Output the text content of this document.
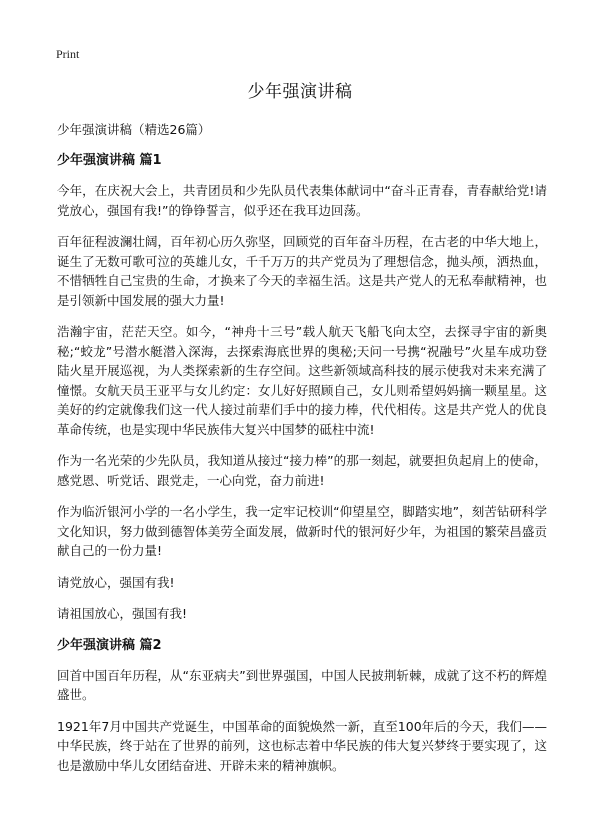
Print
少年强演讲稿

少年强演讲稿（精选26篇）

少年强演讲稿 篇1

今年，在庆祝大会上，共青团员和少先队员代表集体献词中“奋斗正青春，青春献给党!请党放心，强国有我!”的铮铮誓言，似乎还在我耳边回荡。

百年征程波澜壮阔，百年初心历久弥坚，回顾党的百年奋斗历程，在古老的中华大地上，诞生了无数可歌可泣的英雄儿女，千千万万的共产党员为了理想信念，抛头颅，洒热血，不惜牺牲自己宝贵的生命，才换来了今天的幸福生活。这是共产党人的无私奉献精神，也是引领新中国发展的强大力量!

浩瀚宇宙，茫茫天空。如今，“神舟十三号”载人航天飞船飞向太空，去探寻宇宙的新奥秘;“蛟龙”号潜水艇潜入深海，去探索海底世界的奥秘;天问一号携“祝融号”火星车成功登陆火星开展巡视，为人类探索新的生存空间。这些新领域高科技的展示使我对未来充满了憧憬。女航天员王亚平与女儿约定：女儿好好照顾自己，女儿则希望妈妈摘一颗星星。这美好的约定就像我们这一代人接过前辈们手中的接力棒，代代相传。这是共产党人的优良革命传统，也是实现中华民族伟大复兴中国梦的砥柱中流!

作为一名光荣的少先队员，我知道从接过“接力棒”的那一刻起，就要担负起肩上的使命，感党恩、听党话、跟党走，一心向党，奋力前进!

作为临沂银河小学的一名小学生，我一定牢记校训“仰望星空，脚踏实地”，刻苦钻研科学文化知识，努力做到德智体美劳全面发展，做新时代的银河好少年，为祖国的繁荣昌盛贡献自己的一份力量!

请党放心，强国有我!

请祖国放心，强国有我!

少年强演讲稿 篇2

回首中国百年历程，从“东亚病夫”到世界强国，中国人民披荆斩棘，成就了这不朽的辉煌盛世。

1921年7月中国共产党诞生，中国革命的面貌焕然一新，直至100年后的今天，我们——中华民族，终于站在了世界的前列，这也标志着中华民族的伟大复兴梦终于要实现了，这也是激励中华儿女团结奋进、开辟未来的精神旗帜。
